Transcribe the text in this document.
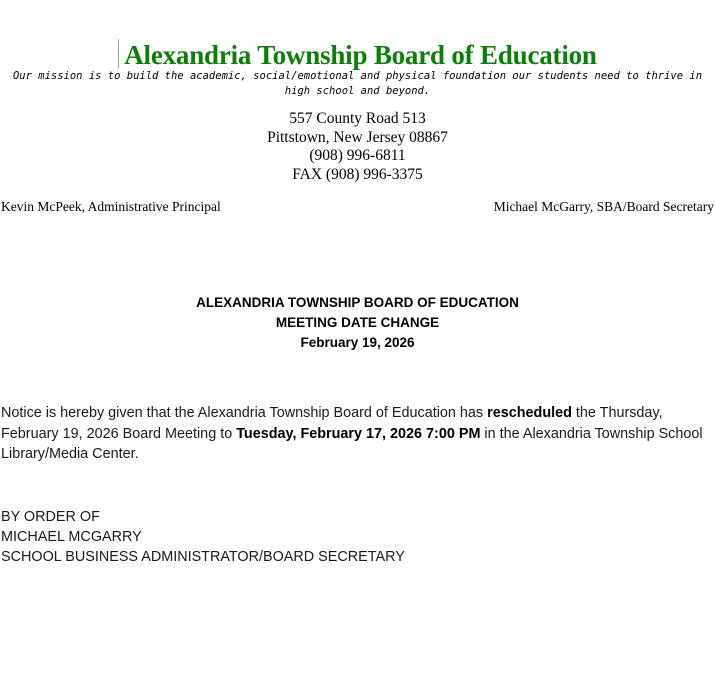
Alexandria Township Board of Education
Our mission is to build the academic, social/emotional and physical foundation our students need to thrive in high school and beyond.
557 County Road 513
Pittstown, New Jersey 08867
(908) 996-6811
FAX (908) 996-3375
Kevin McPeek, Administrative Principal	Michael McGarry, SBA/Board Secretary
ALEXANDRIA TOWNSHIP BOARD OF EDUCATION
MEETING DATE CHANGE
February 19, 2026

Notice is hereby given that the Alexandria Township Board of Education has rescheduled the Thursday, February 19, 2026 Board Meeting to Tuesday, February 17, 2026 7:00 PM in the Alexandria Township School Library/Media Center.

BY ORDER OF
MICHAEL MCGARRY
SCHOOL BUSINESS ADMINISTRATOR/BOARD SECRETARY
